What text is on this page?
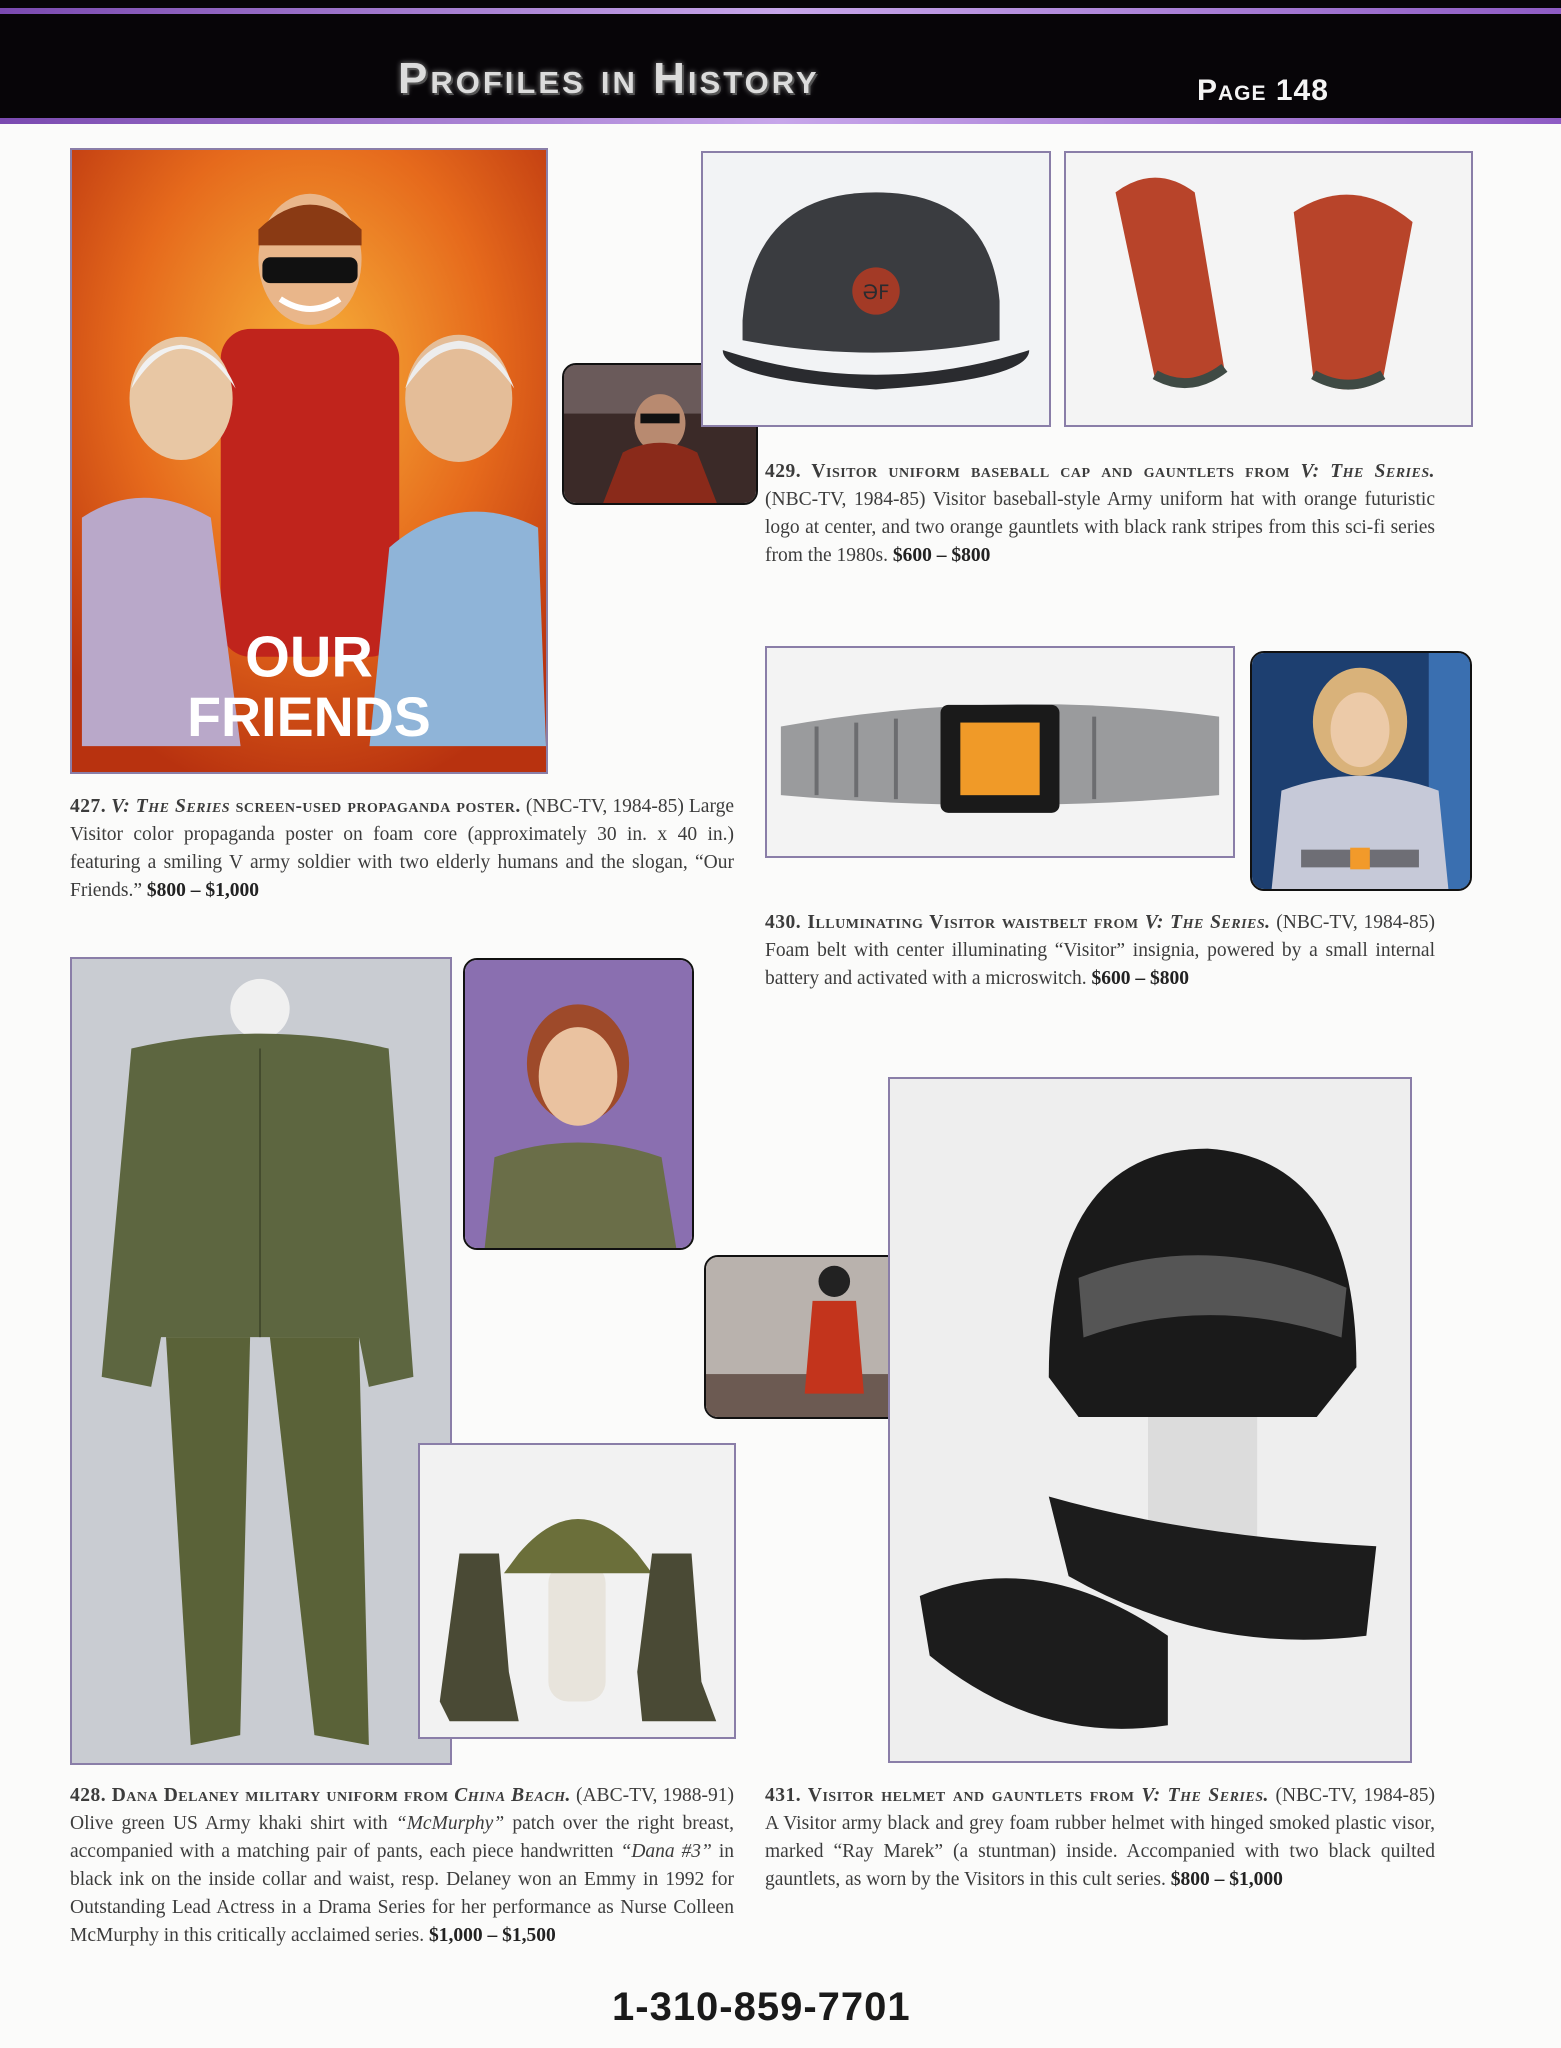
Profiles in History	Page 148
OUR
FRIENDS
ƏF
429. Visitor uniform baseball cap and gauntlets from V: The Series. (NBC-TV, 1984-85) Visitor baseball-style Army uniform hat with orange futuristic logo at center, and two orange gauntlets with black rank stripes from this sci-fi series from the 1980s. $600 – $800
427. V: The Series screen-used propaganda poster. (NBC-TV, 1984-85) Large Visitor color propaganda poster on foam core (approximately 30 in. x 40 in.) featuring a smiling V army soldier with two elderly humans and the slogan, “Our Friends.” $800 – $1,000
430. Illuminating Visitor waistbelt from V: The Series. (NBC-TV, 1984-85) Foam belt with center illuminating “Visitor” insignia, powered by a small internal battery and activated with a microswitch. $600 – $800
428. Dana Delaney military uniform from China Beach. (ABC-TV, 1988-91) Olive green US Army khaki shirt with “McMurphy” patch over the right breast, accompanied with a matching pair of pants, each piece handwritten “Dana #3” in black ink on the inside collar and waist, resp. Delaney won an Emmy in 1992 for Outstanding Lead Actress in a Drama Series for her performance as Nurse Colleen McMurphy in this critically acclaimed series. $1,000 – $1,500
431. Visitor helmet and gauntlets from V: The Series. (NBC-TV, 1984-85) A Visitor army black and grey foam rubber helmet with hinged smoked plastic visor, marked “Ray Marek” (a stuntman) inside. Accompanied with two black quilted gauntlets, as worn by the Visitors in this cult series. $800 – $1,000
1-310-859-7701
